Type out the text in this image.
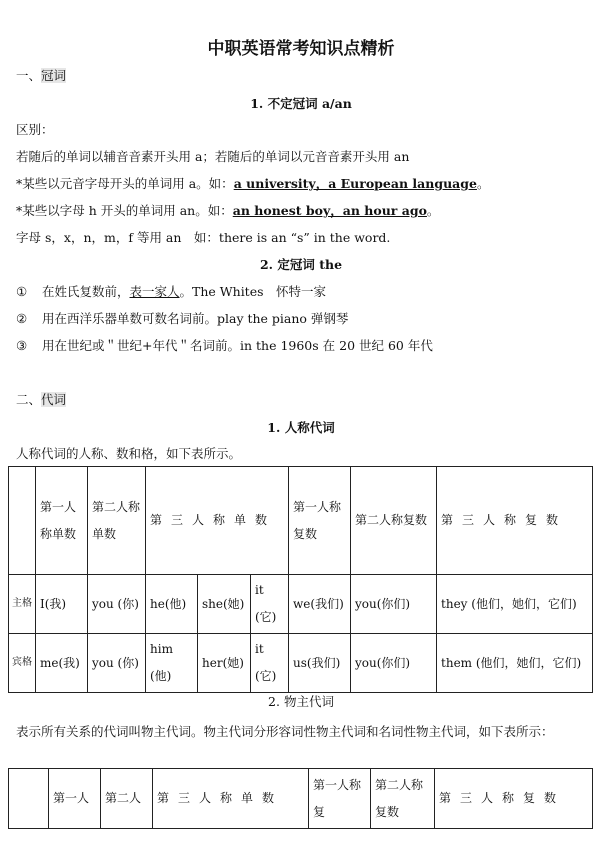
中职英语常考知识点精析
一、冠词
1. 不定冠词 a/an
区别：
若随后的单词以辅音音素开头用 a；若随后的单词以元音音素开头用 an
*某些以元音字母开头的单词用 a。如：a university，a European language。
*某些以字母 h 开头的单词用 an。如：an honest boy，an hour ago。
字母 s，x，n，m，f 等用 an　如：there is an “s” in the word.
2. 定冠词 the
① 在姓氏复数前，表一家人。The Whites　怀特一家
② 用在西洋乐器单数可数名词前。play the piano 弹钢琴
③ 用在世纪或＂世纪+年代＂名词前。in the 1960s 在 20 世纪 60 年代
二、代词
1. 人称代词
人称代词的人称、数和格，如下表所示。
	第一人称单数	第二人称单数	第三人称单数			第一人称复数	第二人称复数	第三人称复数
主格	I(我)	you (你)	he(他)	she(她)	it(它)	we(我们)	you(你们)	they (他们，她们，它们)
宾格	me(我)	you (你)	him(他)	her(她)	it(它)	us(我们)	you(你们)	them (他们，她们，它们)
2. 物主代词
表示所有关系的代词叫物主代词。物主代词分形容词性物主代词和名词性物主代词，如下表所示：
	第一人	第二人	第三人称单数	第一人称复	第二人称复数	第三人称复数
